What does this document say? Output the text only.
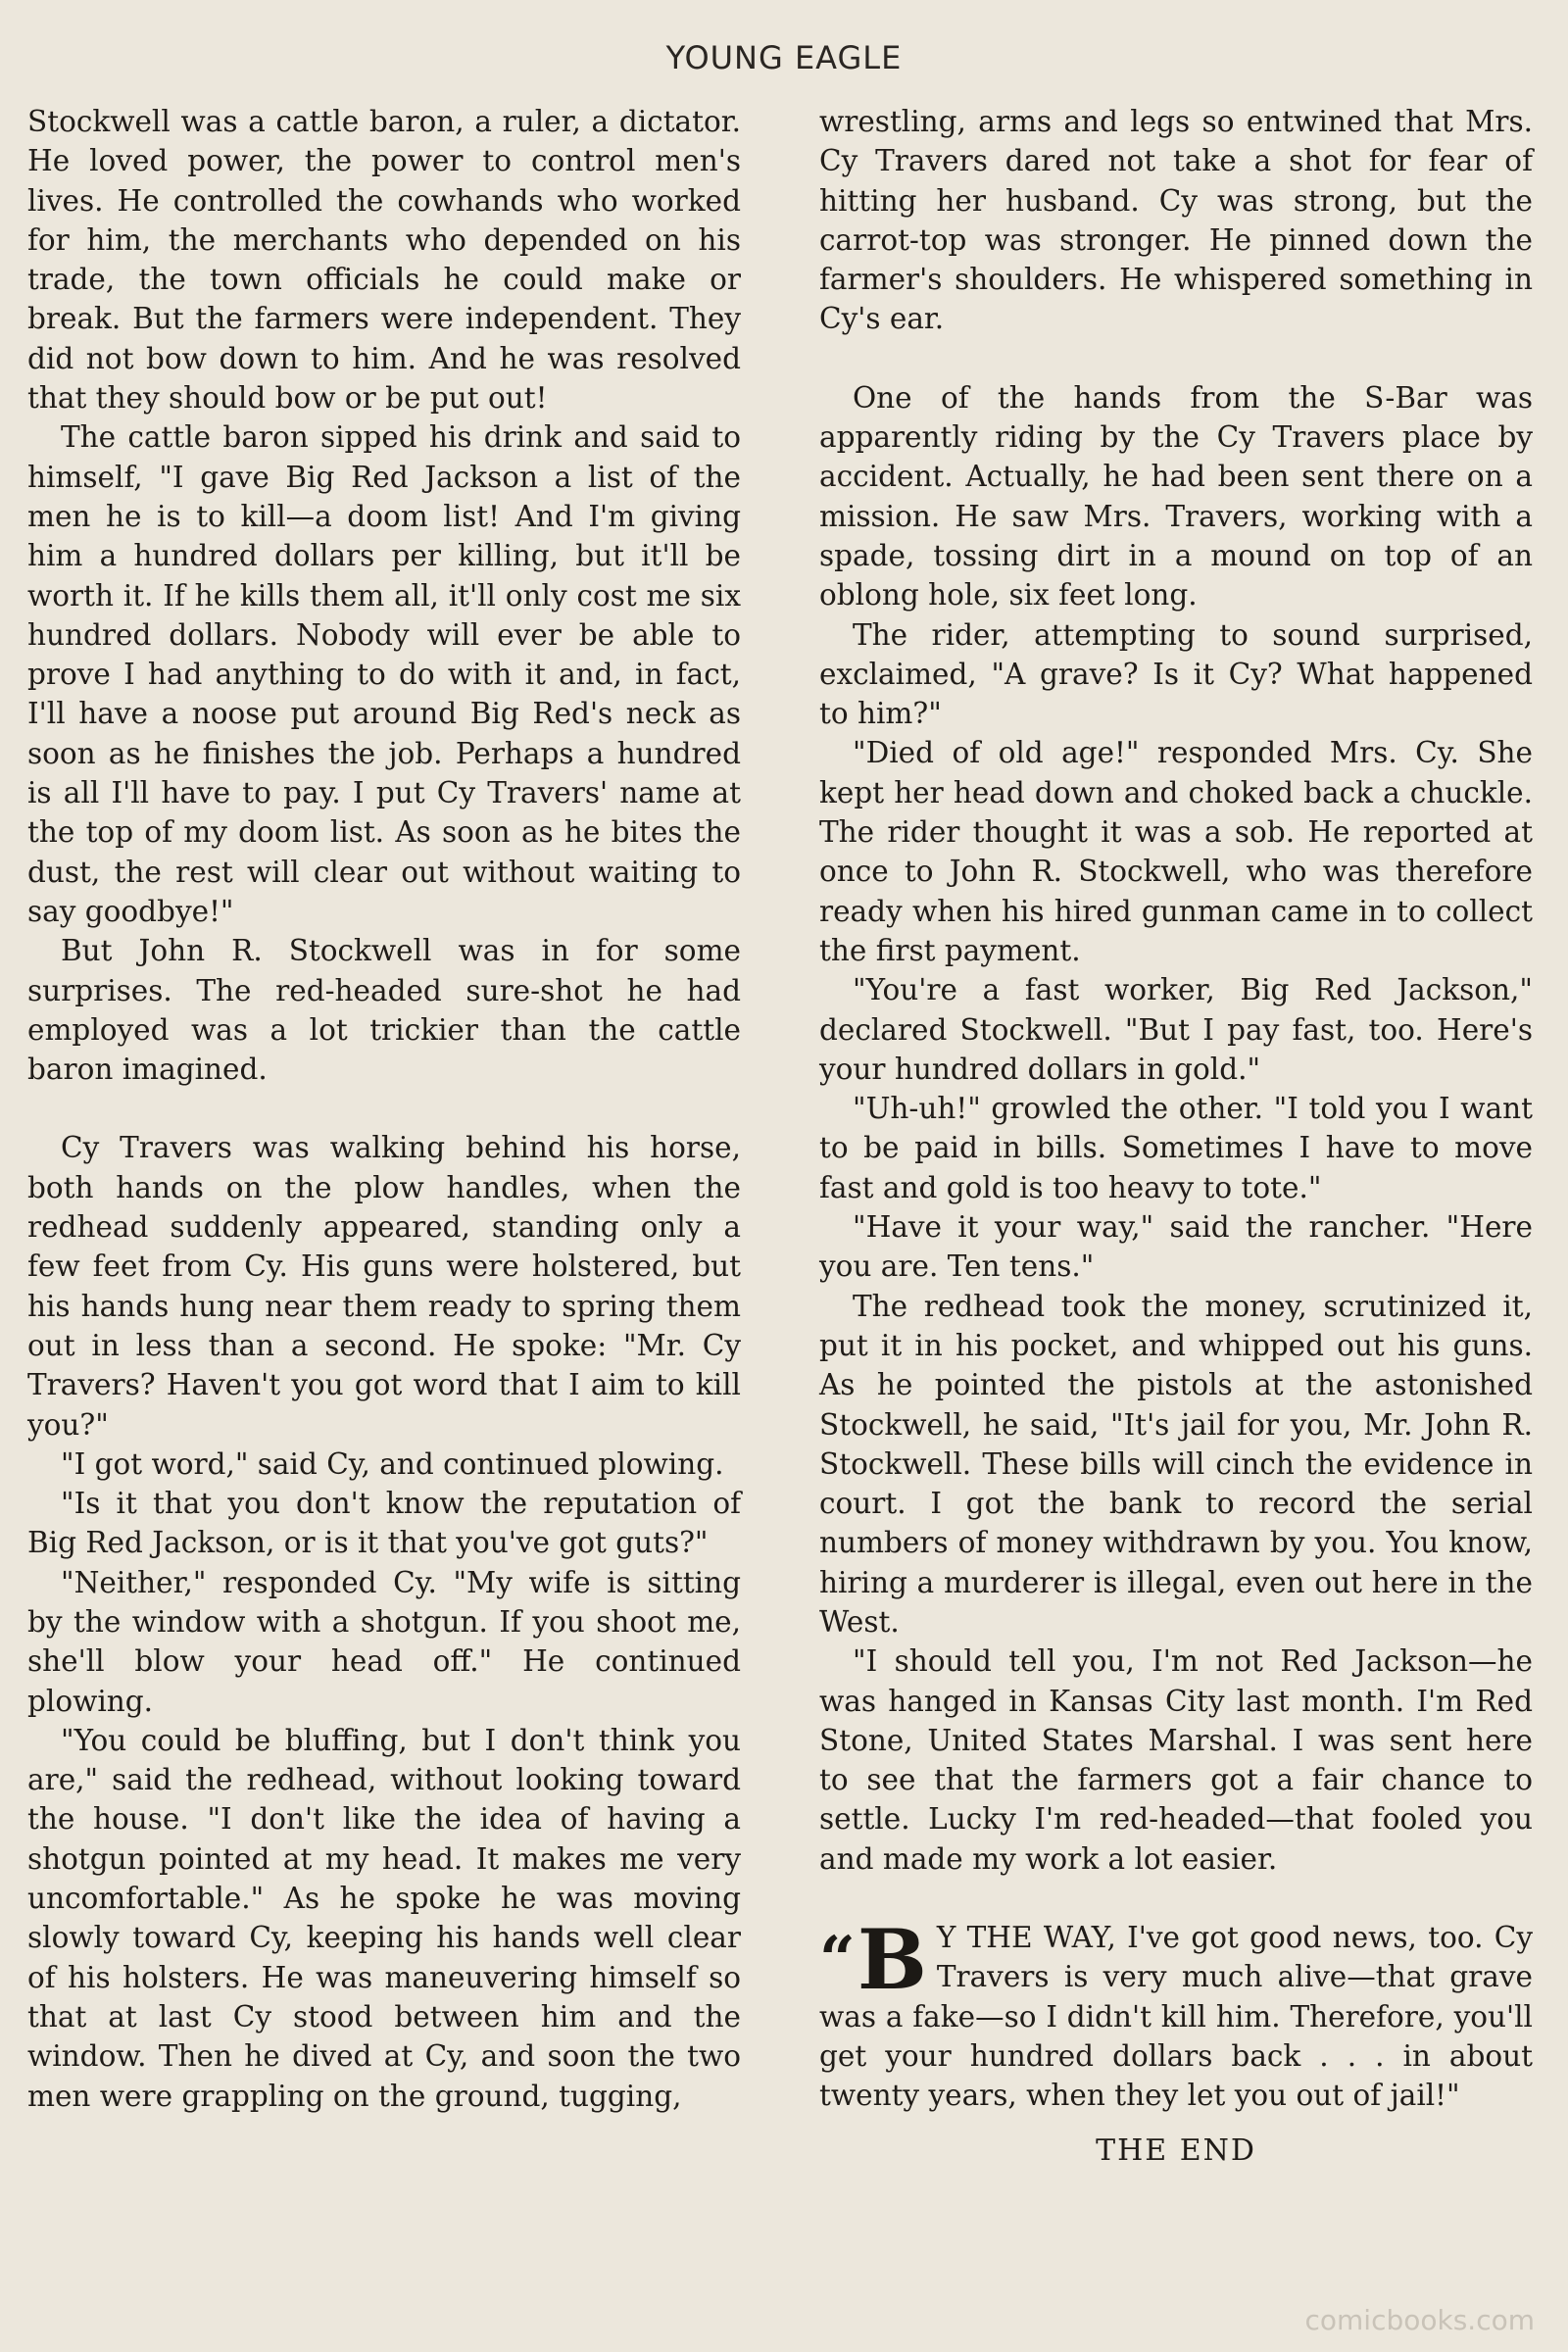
YOUNG EAGLE

Stockwell was a cattle baron, a ruler, a dictator. He loved power, the power to control men's lives. He controlled the cowhands who worked for him, the merchants who depended on his trade, the town officials he could make or break. But the farmers were independent. They did not bow down to him. And he was resolved that they should bow or be put out!

The cattle baron sipped his drink and said to himself, "I gave Big Red Jackson a list of the men he is to kill—a doom list! And I'm giving him a hundred dollars per killing, but it'll be worth it. If he kills them all, it'll only cost me six hundred dollars. Nobody will ever be able to prove I had anything to do with it and, in fact, I'll have a noose put around Big Red's neck as soon as he finishes the job. Perhaps a hundred is all I'll have to pay. I put Cy Travers' name at the top of my doom list. As soon as he bites the dust, the rest will clear out without waiting to say goodbye!"

But John R. Stockwell was in for some surprises. The red-headed sure-shot he had employed was a lot trickier than the cattle baron imagined.

Cy Travers was walking behind his horse, both hands on the plow handles, when the redhead suddenly appeared, standing only a few feet from Cy. His guns were holstered, but his hands hung near them ready to spring them out in less than a second. He spoke: "Mr. Cy Travers? Haven't you got word that I aim to kill you?"

"I got word," said Cy, and continued plowing.

"Is it that you don't know the reputation of Big Red Jackson, or is it that you've got guts?"

"Neither," responded Cy. "My wife is sitting by the window with a shotgun. If you shoot me, she'll blow your head off." He continued plowing.

"You could be bluffing, but I don't think you are," said the redhead, without looking toward the house. "I don't like the idea of having a shotgun pointed at my head. It makes me very uncomfortable." As he spoke he was moving slowly toward Cy, keeping his hands well clear of his holsters. He was maneuvering himself so that at last Cy stood between him and the window. Then he dived at Cy, and soon the two men were grappling on the ground, tugging,

wrestling, arms and legs so entwined that Mrs. Cy Travers dared not take a shot for fear of hitting her husband. Cy was strong, but the carrot-top was stronger. He pinned down the farmer's shoulders. He whispered something in Cy's ear.

One of the hands from the S-Bar was apparently riding by the Cy Travers place by accident. Actually, he had been sent there on a mission. He saw Mrs. Travers, working with a spade, tossing dirt in a mound on top of an oblong hole, six feet long.

The rider, attempting to sound surprised, exclaimed, "A grave? Is it Cy? What happened to him?"

"Died of old age!" responded Mrs. Cy. She kept her head down and choked back a chuckle. The rider thought it was a sob. He reported at once to John R. Stockwell, who was therefore ready when his hired gunman came in to collect the first payment.

"You're a fast worker, Big Red Jackson," declared Stockwell. "But I pay fast, too. Here's your hundred dollars in gold."

"Uh-uh!" growled the other. "I told you I want to be paid in bills. Sometimes I have to move fast and gold is too heavy to tote."

"Have it your way," said the rancher. "Here you are. Ten tens."

The redhead took the money, scrutinized it, put it in his pocket, and whipped out his guns. As he pointed the pistols at the astonished Stockwell, he said, "It's jail for you, Mr. John R. Stockwell. These bills will cinch the evidence in court. I got the bank to record the serial numbers of money withdrawn by you. You know, hiring a murderer is illegal, even out here in the West.

"I should tell you, I'm not Red Jackson—he was hanged in Kansas City last month. I'm Red Stone, United States Marshal. I was sent here to see that the farmers got a fair chance to settle. Lucky I'm red-headed—that fooled you and made my work a lot easier.

“B Y THE WAY, I've got good news, too. Cy Travers is very much alive—that grave was a fake—so I didn't kill him. Therefore, you'll get your hundred dollars back . . . in about twenty years, when they let you out of jail!"

THE END
comicbooks.com
